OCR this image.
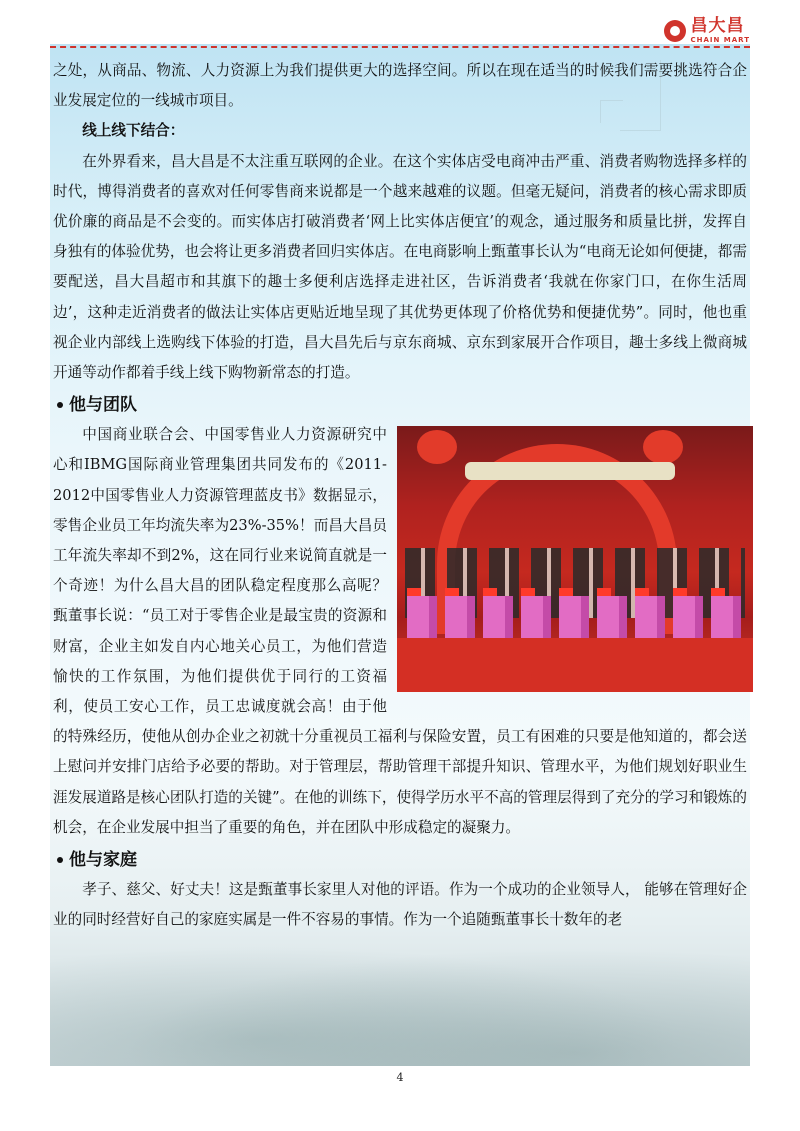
昌大昌
CHAIN MART

之处，从商品、物流、人力资源上为我们提供更大的选择空间。所以在现在适当的时候我们需要挑选符合企业发展定位的一线城市项目。

线上线下结合：

在外界看来，昌大昌是不太注重互联网的企业。在这个实体店受电商冲击严重、消费者购物选择多样的时代，博得消费者的喜欢对任何零售商来说都是一个越来越难的议题。但毫无疑问，消费者的核心需求即质优价廉的商品是不会变的。而实体店打破消费者‘网上比实体店便宜’的观念，通过服务和质量比拼，发挥自身独有的体验优势，也会将让更多消费者回归实体店。在电商影响上甄董事长认为“电商无论如何便捷，都需要配送，昌大昌超市和其旗下的趣士多便利店选择走进社区，告诉消费者‘我就在你家门口，在你生活周边’，这种走近消费者的做法让实体店更贴近地呈现了其优势更体现了价格优势和便捷优势”。同时，他也重视企业内部线上选购线下体验的打造，昌大昌先后与京东商城、京东到家展开合作项目，趣士多线上微商城开通等动作都着手线上线下购物新常态的打造。

他与团队

中国商业联合会、中国零售业人力资源研究中心和IBMG国际商业管理集团共同发布的《2011-2012中国零售业人力资源管理蓝皮书》数据显示，零售企业员工年均流失率为23%-35%！而昌大昌员工年流失率却不到2%，这在同行业来说简直就是一个奇迹！为什么昌大昌的团队稳定程度那么高呢？甄董事长说：“员工对于零售企业是最宝贵的资源和财富，企业主如发自内心地关心员工，为他们营造愉快的工作氛围，为他们提供优于同行的工资福利，使员工安心工作，员工忠诚度就会高！由于他的特殊经历，使他从创办企业之初就十分重视员工福利与保险安置，员工有困难的只要是他知道的，都会送上慰问并安排门店给予必要的帮助。对于管理层，帮助管理干部提升知识、管理水平，为他们规划好职业生涯发展道路是核心团队打造的关键”。在他的训练下，使得学历水平不高的管理层得到了充分的学习和锻炼的机会，在企业发展中担当了重要的角色，并在团队中形成稳定的凝聚力。

他与家庭

孝子、慈父、好丈夫！这是甄董事长家里人对他的评语。作为一个成功的企业领导人， 能够在管理好企业的同时经营好自己的家庭实属是一件不容易的事情。作为一个追随甄董事长十数年的老

4
